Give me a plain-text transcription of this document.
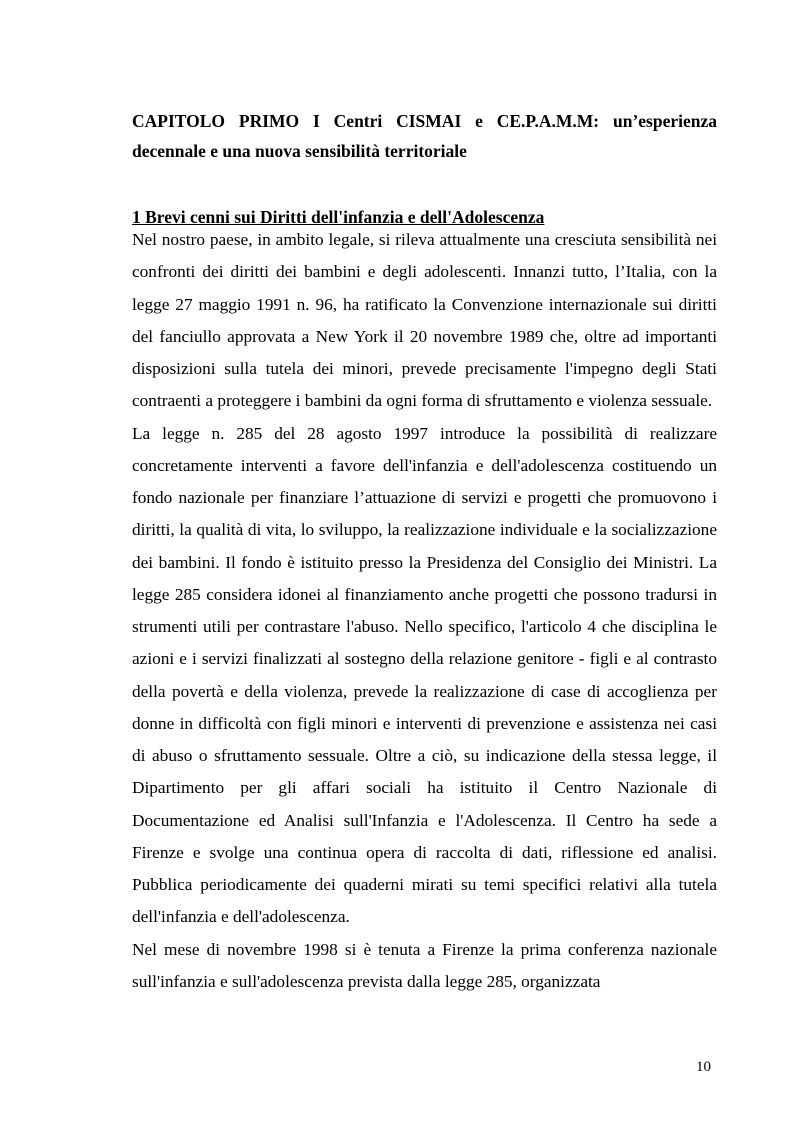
CAPITOLO PRIMO I Centri CISMAI e CE.P.A.M.M: un’esperienza decennale e una nuova sensibilità territoriale
1 Brevi cenni sui Diritti dell'infanzia e dell'Adolescenza

Nel nostro paese, in ambito legale, si rileva attualmente una cresciuta sensibilità nei confronti dei diritti dei bambini e degli adolescenti. Innanzi tutto, l’Italia, con la legge 27 maggio 1991 n. 96, ha ratificato la Convenzione internazionale sui diritti del fanciullo approvata a New York il 20 novembre 1989 che, oltre ad importanti disposizioni sulla tutela dei minori, prevede precisamente l'impegno degli Stati contraenti a proteggere i bambini da ogni forma di sfruttamento e violenza sessuale.

La legge n. 285 del 28 agosto 1997 introduce la possibilità di realizzare concretamente interventi a favore dell'infanzia e dell'adolescenza costituendo un fondo nazionale per finanziare l’attuazione di servizi e progetti che promuovono i diritti, la qualità di vita, lo sviluppo, la realizzazione individuale e la socializzazione dei bambini. Il fondo è istituito presso la Presidenza del Consiglio dei Ministri. La legge 285 considera idonei al finanziamento anche progetti che possono tradursi in strumenti utili per contrastare l'abuso. Nello specifico, l'articolo 4 che disciplina le azioni e i servizi finalizzati al sostegno della relazione genitore - figli e al contrasto della povertà e della violenza, prevede la realizzazione di case di accoglienza per donne in difficoltà con figli minori e interventi di prevenzione e assistenza nei casi di abuso o sfruttamento sessuale. Oltre a ciò, su indicazione della stessa legge, il Dipartimento per gli affari sociali ha istituito il Centro Nazionale di Documentazione ed Analisi sull'Infanzia e l'Adolescenza. Il Centro ha sede a Firenze e svolge una continua opera di raccolta di dati, riflessione ed analisi. Pubblica periodicamente dei quaderni mirati su temi specifici relativi alla tutela dell'infanzia e dell'adolescenza.

Nel mese di novembre 1998 si è tenuta a Firenze la prima conferenza nazionale sull'infanzia e sull'adolescenza prevista dalla legge 285, organizzata

10
